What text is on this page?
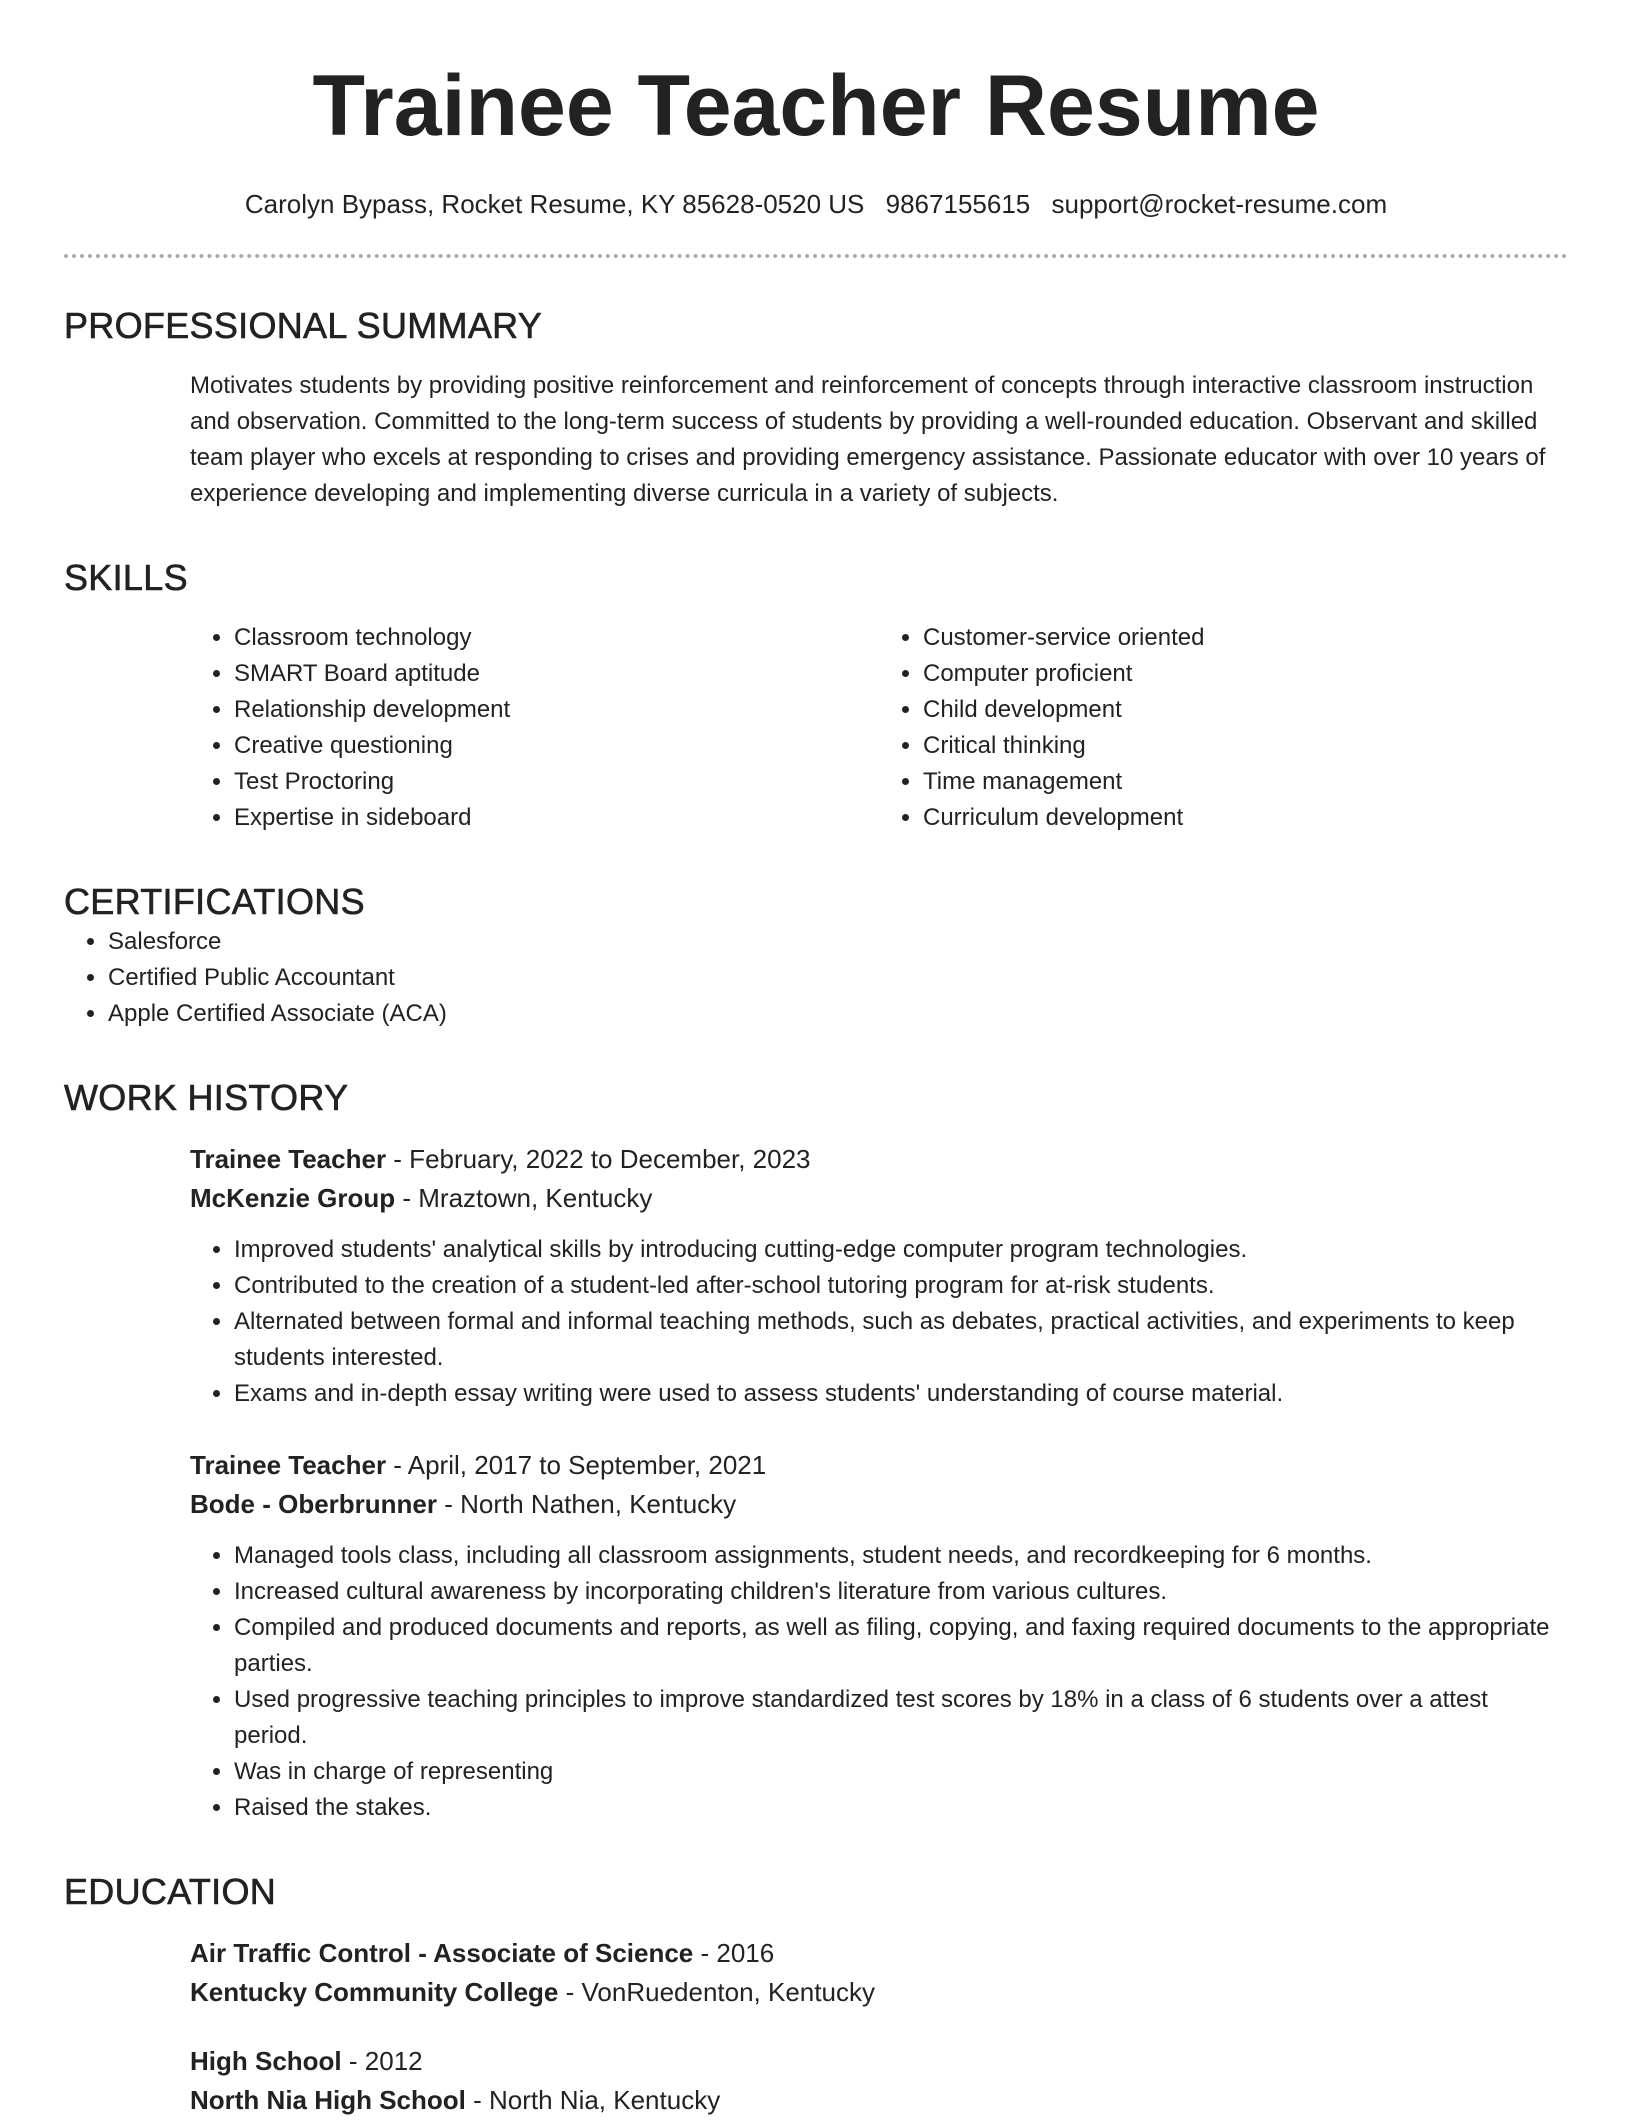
Trainee Teacher Resume
Carolyn Bypass, Rocket Resume, KY 85628-0520 US 9867155615 support@rocket-resume.com
PROFESSIONAL SUMMARY
Motivates students by providing positive reinforcement and reinforcement of concepts through interactive classroom instruction and observation. Committed to the long-term success of students by providing a well-rounded education. Observant and skilled team player who excels at responding to crises and providing emergency assistance. Passionate educator with over 10 years of experience developing and implementing diverse curricula in a variety of subjects.
SKILLS
• Classroom technology
• SMART Board aptitude
• Relationship development
• Creative questioning
• Test Proctoring
• Expertise in sideboard
• Customer-service oriented
• Computer proficient
• Child development
• Critical thinking
• Time management
• Curriculum development
CERTIFICATIONS
• Salesforce
• Certified Public Accountant
• Apple Certified Associate (ACA)
WORK HISTORY
Trainee Teacher - February, 2022 to December, 2023
McKenzie Group - Mraztown, Kentucky
• Improved students' analytical skills by introducing cutting-edge computer program technologies.
• Contributed to the creation of a student-led after-school tutoring program for at-risk students.
• Alternated between formal and informal teaching methods, such as debates, practical activities, and experiments to keep students interested.
• Exams and in-depth essay writing were used to assess students' understanding of course material.
Trainee Teacher - April, 2017 to September, 2021
Bode - Oberbrunner - North Nathen, Kentucky
• Managed tools class, including all classroom assignments, student needs, and recordkeeping for 6 months.
• Increased cultural awareness by incorporating children's literature from various cultures.
• Compiled and produced documents and reports, as well as filing, copying, and faxing required documents to the appropriate parties.
• Used progressive teaching principles to improve standardized test scores by 18% in a class of 6 students over a attest period.
• Was in charge of representing
• Raised the stakes.
EDUCATION
Air Traffic Control - Associate of Science - 2016
Kentucky Community College - VonRuedenton, Kentucky
High School - 2012
North Nia High School - North Nia, Kentucky
